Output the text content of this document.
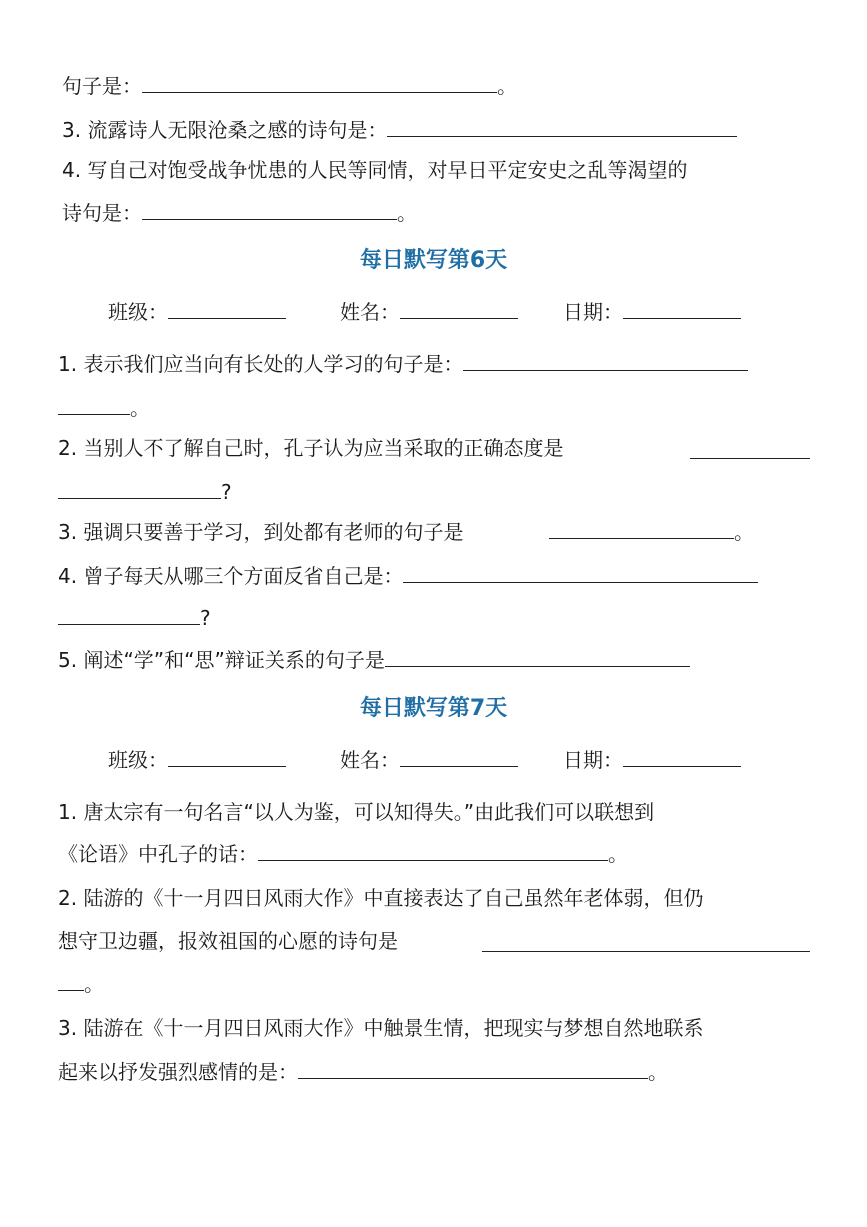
句子是：	。
3. 流露诗人无限沧桑之感的诗句是：
4. 写自己对饱受战争忧患的人民等同情，对早日平定安史之乱等渴望的
诗句是：	。
每日默写第6天
班级：	姓名：	日期：
1. 表示我们应当向有长处的人学习的句子是：
。
2. 当别人不了解自己时，孔子认为应当采取的正确态度是
?
3. 强调只要善于学习，到处都有老师的句子是	。
4. 曾子每天从哪三个方面反省自己是：
?
5. 阐述“学”和“思”辩证关系的句子是
每日默写第7天
班级：	姓名：	日期：
1. 唐太宗有一句名言“以人为鉴，可以知得失。”由此我们可以联想到
《论语》中孔子的话：	。
2. 陆游的《十一月四日风雨大作》中直接表达了自己虽然年老体弱，但仍
想守卫边疆，报效祖国的心愿的诗句是
。
3. 陆游在《十一月四日风雨大作》中触景生情，把现实与梦想自然地联系
起来以抒发强烈感情的是：	。
